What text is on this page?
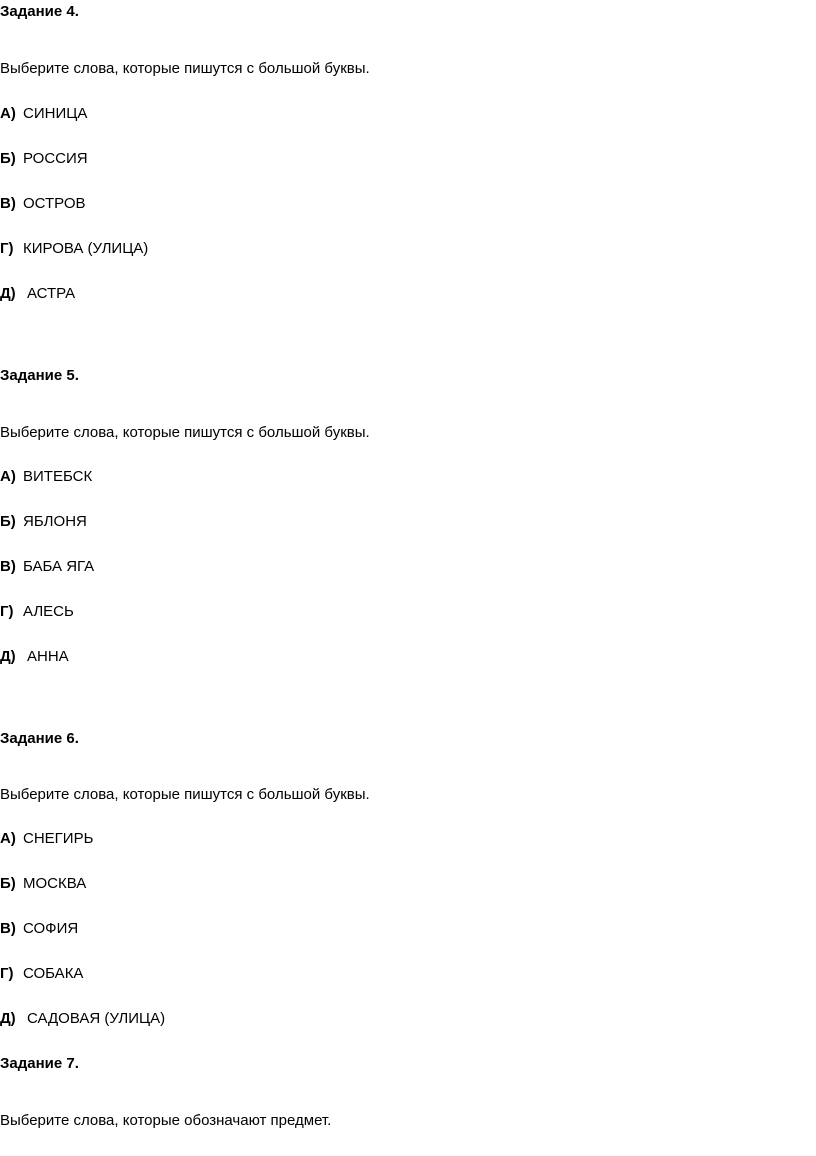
Задание 4.
Выберите слова, которые пишутся с большой буквы.
А) СИНИЦА
Б) РОССИЯ
В) ОСТРОВ
Г) КИРОВА (УЛИЦА)
Д) АСТРА
Задание 5.
Выберите слова, которые пишутся с большой буквы.
А) ВИТЕБСК
Б) ЯБЛОНЯ
В) БАБА ЯГА
Г) АЛЕСЬ
Д) АННА
Задание 6.
Выберите слова, которые пишутся с большой буквы.
А) СНЕГИРЬ
Б) МОСКВА
В) СОФИЯ
Г) СОБАКА
Д) САДОВАЯ (УЛИЦА)
Задание 7.
Выберите слова, которые обозначают предмет.
